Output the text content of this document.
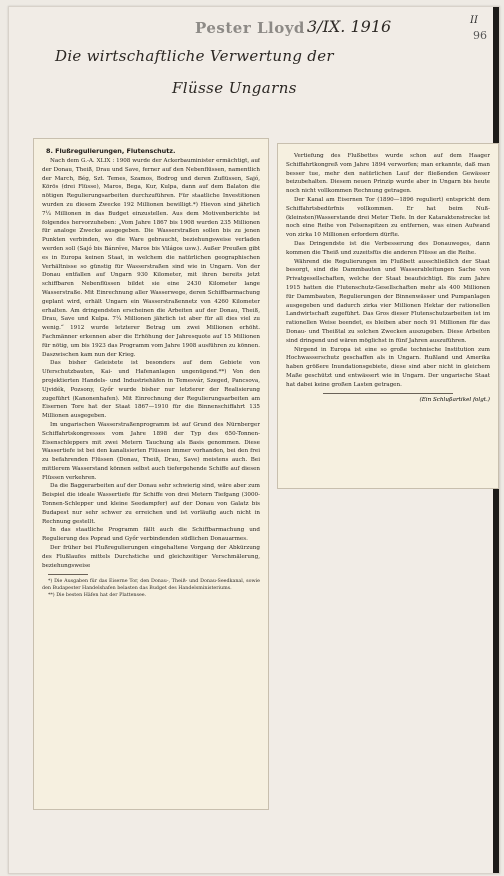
Pester Lloyd 3/IX. 1916	II
96
Die wirtschaftliche Verwertung der
Flüsse Ungarns
8. Flußregulierungen, Flutenschutz.

Nach dem G.-A. XLIX : 1908 wurde der Ackerbauminister ermächtigt, auf der Donau, Theiß, Drau und Save, ferner auf den Nebenflüssen, namentlich der March, Bég, Szt. Temes, Szamos, Bodrog und deren Zuflüssen, Sajó, Körös (drei Flüsse), Maros, Bega, Kur, Kulpa, dann auf dem Balaton die nötigen Regulierungsarbeiten durchzuführen. Für staatliche Investitionen wurden zu diesem Zwecke 192 Millionen bewilligt.*) Hievon sind jährlich 7¼ Millionen in das Budget einzustellen. Aus dem Motivenberichte ist folgendes hervorzuheben: „Vom Jahre 1867 bis 1908 wurden 235 Millionen für analoge Zwecke ausgegeben. Die Wasserstraßen sollen bis zu jenen Punkten verbinden, wo die Ware gebraucht, beziehungsweise verladen werden soll (Sajó bis Bánréve, Maros bis Világos usw.). Außer Preußen gibt es in Europa keinen Staat, in welchem die natürlichen geographischen Verhältnisse so günstig für Wasserstraßen sind wie in Ungarn. Von der Donau entfallen auf Ungarn 930 Kilometer, mit ihren bereits jetzt schiffbaren Nebenflüssen bildet sie eine 2430 Kilometer lange Wasserstraße. Mit Einrechnung aller Wasserwege, deren Schiffbarmachung geplant wird, erhält Ungarn ein Wasserstraßennetz von 4260 Kilometer erhalten. Am dringendsten erscheinen die Arbeiten auf der Donau, Theiß, Drau, Save und Kulpa. 7¼ Millionen jährlich ist aber für all dies viel zu wenig.“ 1912 wurde letzterer Betrag um zwei Millionen erhöht. Fachmänner erkennen aber die Erhöhung der Jahresquote auf 15 Millionen für nötig, um bis 1923 das Programm vom Jahre 1908 ausführen zu können. Daszwischen kam nun der Krieg.

Das bisher Geleistete ist besonders auf dem Gebiete von Uferschutzbauten, Kai- und Hafenanlagen ungenügend.**) Von den projektierten Handels- und Industriehäfen in Temesvár, Szeged, Pancsova, Ujvidék, Pozsony, Győr wurde bisher nur letzterer der Realisierung zugeführt (Kanonenhafen). Mit Einrechnung der Regulierungsarbeiten am Eisernen Tore hat der Staat 1867—1910 für die Binnenschiffahrt 135 Millionen ausgegeben.

Im ungarischen Wasserstraßenprogramm ist auf Grund des Nürnberger Schiffahrtskongresses vom Jahre 1898 der Typ des 650-Tonnen-Eisenschleppers mit zwei Metern Tauchung als Basis genommen. Diese Wassertiefe ist bei den kanalisierten Flüssen immer vorhanden, bei den frei zu befahrenden Flüssen (Donau, Theiß, Drau, Save) meistens auch. Bei mittlerem Wasserstand können selbst auch tiefergehende Schiffe auf diesen Flüssen verkehren.

Da die Baggerarbeiten auf der Donau sehr schwierig sind, wäre aber zum Beispiel die ideale Wassertiefe für Schiffe von drei Metern Tiefgang (3000-Tonnen-Schlepper und kleine Seedampfer) auf der Donau von Galatz bis Budapest nur sehr schwer zu erreichen und ist vorläufig auch nicht in Rechnung gestellt.

In das staatliche Programm fällt auch die Schiffbarmachung und Regulierung des Poprad und Győr verbindenden südlichen Donauarmes.

Der früher bei Flußregulierungen eingehaltene Vorgang der Abkürzung des Flußlaufes mittels Durchstiche und gleichzeitiger Verschmälerung, beziehungsweise

*) Die Ausgaben für das Eiserne Tor, den Donau-, Theiß- und Donau-Seedkanal, sowie den Budapester Handelshafen belasten das Budget des Handelsministeriums.

**) Die besten Häfen hat der Plattensee.

Vertiefung des Flußbettes wurde schon auf dem Haager Schiffahrtkongreß vom Jahre 1894 verworfen; man erkannte, daß man besser tue, mehr den natürlichen Lauf der fließenden Gewässer beizubehalten. Diesem neuen Prinzip wurde aber in Ungarn bis heute noch nicht vollkommen Rechnung getragen.

Der Kanal am Eisernen Tor (1890—1896 reguliert) entspricht dem Schiffahrtsbedürfnis vollkommen. Er hat beim Nuß-(kleinsten)Wasserstande drei Meter Tiefe. In der Kataraktenstrecke ist noch eine Reihe von Felsenspitzen zu entfernen, was einen Aufwand von zirka 10 Millionen erfordern dürfte.

Das Dringendste ist die Verbesserung des Donauweges, dann kommen die Theiß und zuzeitsfüs die anderen Flüsse an die Reihe.

Während die Regulierungen im Flußbett ausschließlich der Staat besorgt, sind die Dammbauten und Wasserableitungen Sache von Privatgesellschaften, welche der Staat beaufsichtigt. Bis zum Jahre 1915 hatten die Flutenschutz-Gesellschaften mehr als 400 Millionen für Dammbauten, Regulierungen der Binnenwässer und Pumpanlagen ausgegeben und dadurch zirka vier Millionen Hektar der rationellen Landwirtschaft zugeführt. Das Gros dieser Flutenschutzarbeiten ist im rationellen Weise beendet, es bleiben aber noch 91 Millionen für das Donau- und Theißtal zu solchen Zwecken auszugeben. Diese Arbeiten sind dringend und wären möglichst in fünf Jahren auszuführen.

Nirgend in Europa ist eine so große technische Institution zum Hochwasserschutz geschaffen als in Ungarn. Rußland und Amerika haben größere Inundationsgebiete, diese sind aber nicht in gleichem Maße geschützt und entwässert wie in Ungarn. Der ungarische Staat hat dabei keine großen Lasten getragen.

(Ein Schlußartikel folgt.)
